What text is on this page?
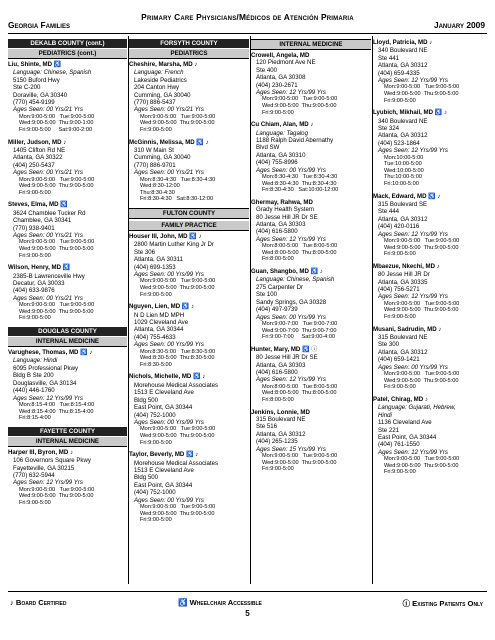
Primary Care Physicians/Médicos de Atención Primaria
Georgia Families	January 2009
DEKALB COUNTY (cont.)
PEDIATRICS (cont.)
Liu, Shinte, MD ♿
Language: Chinese, Spanish
5150 Buford Hwy
Ste C-200
Doraville, GA 30340
(770) 454-9199
Ages Seen: 00 Yrs/21 Yrs
Mon:9:00-5:00   Tue:9:00-5:00
Wed:9:00-5:00  Thu:9:00-1:00
Fri:9:00-5:00     Sat:9:00-2:00
Miller, Judson, MD ♪
1405 Clifton Rd NE
Atlanta, GA 30322
(404) 250-5437
Ages Seen: 00 Yrs/21 Yrs
Mon:9:00-5:00   Tue:9:00-5:00
Wed:9:00-5:00  Thu:9:00-5:00
Fri:9:00-5:00
Steves, Elma, MD ♿
3624 Chamblee Tucker Rd
Chamblee, GA 30341
(770) 938-9401
Ages Seen: 00 Yrs/21 Yrs
Mon:9:00-5:00   Tue:9:00-5:00
Wed:9:00-5:00  Thu:9:00-5:00
Fri:9:00-5:00
Wilson, Henry, MD ♿
2385-B Lawrenceville Hwy
Decatur, GA 30033
(404) 633-9876
Ages Seen: 00 Yrs/21 Yrs
Mon:9:00-5:00   Tue:9:00-5:00
Wed:9:00-5:00  Thu:9:00-5:00
Fri:9:00-5:00
DOUGLAS COUNTY
INTERNAL MEDICINE
Varughese, Thomas, MD ♿ ♪
Language: Hindi
6095 Professional Pkwy
Bldg B Ste 200
Douglasville, GA 30134
(440) 446-1760
Ages Seen: 12 Yrs/99 Yrs
Mon:8:15-4:00   Tue:8:15-4:00
Wed:8:15-4:00  Thu:8:15-4:00
Fri:8:15-4:00
FAYETTE COUNTY
INTERNAL MEDICINE
Harper III, Byron, MD ♪
106 Governors Square Pkwy
Fayetteville, GA 30215
(770) 632-5944
Ages Seen: 12 Yrs/99 Yrs
Mon:9:00-5:00   Tue:9:00-5:00
Wed:9:00-5:00  Thu:9:00-5:00
Fri:9:00-5:00
FORSYTH COUNTY
PEDIATRICS
Cheshire, Marsha, MD ♪
Language: French
Lakeside Pediatrics
204 Canton Hwy
Cumming, GA 30040
(770) 886-5437
Ages Seen: 00 Yrs/21 Yrs
Mon:9:00-5:00   Tue:9:00-5:00
Wed:9:00-5:00  Thu:9:00-5:00
Fri:9:00-5:00
McGinnis, Melissa, MD ♿ ♪
310 W Main St
Cumming, GA 30040
(770) 886-9701
Ages Seen: 00 Yrs/21 Yrs
Mon:8:30-4:30   Tue:8:30-4:30
Wed:8:30-12:00
Thu:8:30-4:30
Fri:8:30-4:30   Sat:8:30-12:00
FULTON COUNTY
FAMILY PRACTICE
Houser III, John, MD ♿ ♪
2800 Martin Luther King Jr Dr
Ste 306
Atlanta, GA 30311
(404) 699-1353
Ages Seen: 00 Yrs/99 Yrs
Mon:9:00-5:00   Tue:9:00-5:00
Wed:9:00-5:00  Thu:9:00-5:00
Fri:9:00-5:00
Nguyen, Lien, MD ♿ ♪
N D Lien MD MPH
1029 Cleveland Ave
Atlanta, GA 30344
(404) 755-4633
Ages Seen: 00 Yrs/99 Yrs
Mon:8:30-5:00   Tue:8:30-5:00
Wed:8:30-5:00  Thu:8:30-5:00
Fri:8:30-5:00
Nichols, Michelle, MD ♿ ♪
Morehouse Medical Associates
1513 E Cleveland Ave
Bldg 500
East Point, GA 30344
(404) 752-1000
Ages Seen: 00 Yrs/99 Yrs
Mon:9:00-5:00   Tue:9:00-5:00
Wed:9:00-5:00  Thu:9:00-5:00
Fri:9:00-5:00
Taylor, Beverly, MD ♿ ♪
Morehouse Medical Associates
1513 E Cleveland Ave
Bldg 500
East Point, GA 30344
(404) 752-1000
Ages Seen: 00 Yrs/99 Yrs
Mon:9:00-5:00   Tue:9:00-5:00
Wed:9:00-5:00  Thu:9:00-5:00
Fri:9:00-5:00
INTERNAL MEDICINE
Crowell, Angela, MD
120 Piedmont Ave NE
Ste 400
Atlanta, GA 30308
(404) 230-2671
Ages Seen: 12 Yrs/99 Yrs
Mon:9:00-5:00   Tue:9:00-5:00
Wed:9:00-5:00  Thu:9:00-5:00
Fri:9:00-5:00
Cu Chiam, Alan, MD ♪
Language: Tagalog
1188 Ralph David Abernathy
Blvd SW
Atlanta, GA 30310
(404) 755-8996
Ages Seen: 00 Yrs/99 Yrs
Mon:8:30-4:30   Tue:8:30-4:30
Wed:8:30-4:30  Thu:8:30-4:30
Fri:8:30-4:30   Sat:10:00-12:00
Ghermay, Rahwa, MD
Grady Health System
80 Jesse Hill JR Dr SE
Atlanta, GA 30303
(404) 616-5800
Ages Seen: 12 Yrs/99 Yrs
Mon:8:00-5:00   Tue:8:00-5:00
Wed:8:00-5:00  Thu:8:00-5:00
Fri:8:00-5:00
Guan, Shangbo, MD ♿ ♪
Language: Chinese, Spanish
275 Carpenter Dr
Ste 100
Sandy Springs, GA 30328
(404) 497-9739
Ages Seen: 00 Yrs/99 Yrs
Mon:9:00-7:00   Tue:9:00-7:00
Wed:9:00-7:00  Thu:9:00-7:00
Fri:9:00-7:00     Sat:9:00-4:00
Hunter, Mary, MD ♿ ⓘ
80 Jesse Hill JR Dr SE
Atlanta, GA 30303
(404) 616-5800
Ages Seen: 12 Yrs/99 Yrs
Mon:8:00-5:00   Tue:8:00-5:00
Wed:8:00-5:00  Thu:8:00-5:00
Fri:8:00-5:00
Jenkins, Lonnie, MD
315 Boulevard NE
Ste 516
Atlanta, GA 30312
(404) 265-1235
Ages Seen: 15 Yrs/99 Yrs
Mon:9:00-5:00   Tue:9:00-5:00
Wed:9:00-5:00  Thu:9:00-5:00
Fri:9:00-5:00
Lloyd, Patricia, MD ♪
340 Boulevard NE
Ste 441
Atlanta, GA 30312
(404) 659-4335
Ages Seen: 12 Yrs/99 Yrs
Mon:9:00-5:00   Tue:9:00-5:00
Wed:9:00-5:00  Thu:9:00-5:00
Fri:9:00-5:00
Lyubich, Mikhail, MD ♿ ♪
340 Boulevard NE
Ste 324
Atlanta, GA 30312
(404) 523-1864
Ages Seen: 12 Yrs/99 Yrs
Mon:10:00-5:00
Tue:10:00-5:00
Wed:10:00-5:00
Thu:10:00-5:00
Fri:10:00-5:00
Mack, Edward, MD ♿ ♪
315 Boulevard SE
Ste 444
Atlanta, GA 30312
(404) 420-0116
Ages Seen: 12 Yrs/99 Yrs
Mon:9:00-5:00   Tue:9:00-5:00
Wed:9:00-5:00  Thu:9:00-5:00
Fri:9:00-5:00
Mbaezue, Nkechi, MD ♪
80 Jesse Hill JR Dr
Atlanta, GA 30335
(404) 756-5271
Ages Seen: 12 Yrs/99 Yrs
Mon:9:00-5:00   Tue:9:00-5:00
Wed:9:00-5:00  Thu:9:00-5:00
Fri:9:00-5:00
Musani, Sadrudin, MD ♪
315 Boulevard NE
Ste 300
Atlanta, GA 30312
(404) 659-1421
Ages Seen: 00 Yrs/99 Yrs
Mon:9:00-5:00   Tue:9:00-5:00
Wed:9:00-5:00  Thu:9:00-5:00
Fri:9:00-5:00
Patel, Chirag, MD ♪
Language: Gujarati, Hebrew,
Hindi
1136 Cleveland Ave
Ste 221
East Point, GA 30344
(404) 761-1550
Ages Seen: 12 Yrs/99 Yrs
Mon:9:00-5:00   Tue:9:00-5:00
Wed:9:00-5:00  Thu:9:00-5:00
Fri:9:00-5:00
♪ Board Certified	♿ Wheelchair Accessible	ⓘ Existing Patients Only
5
